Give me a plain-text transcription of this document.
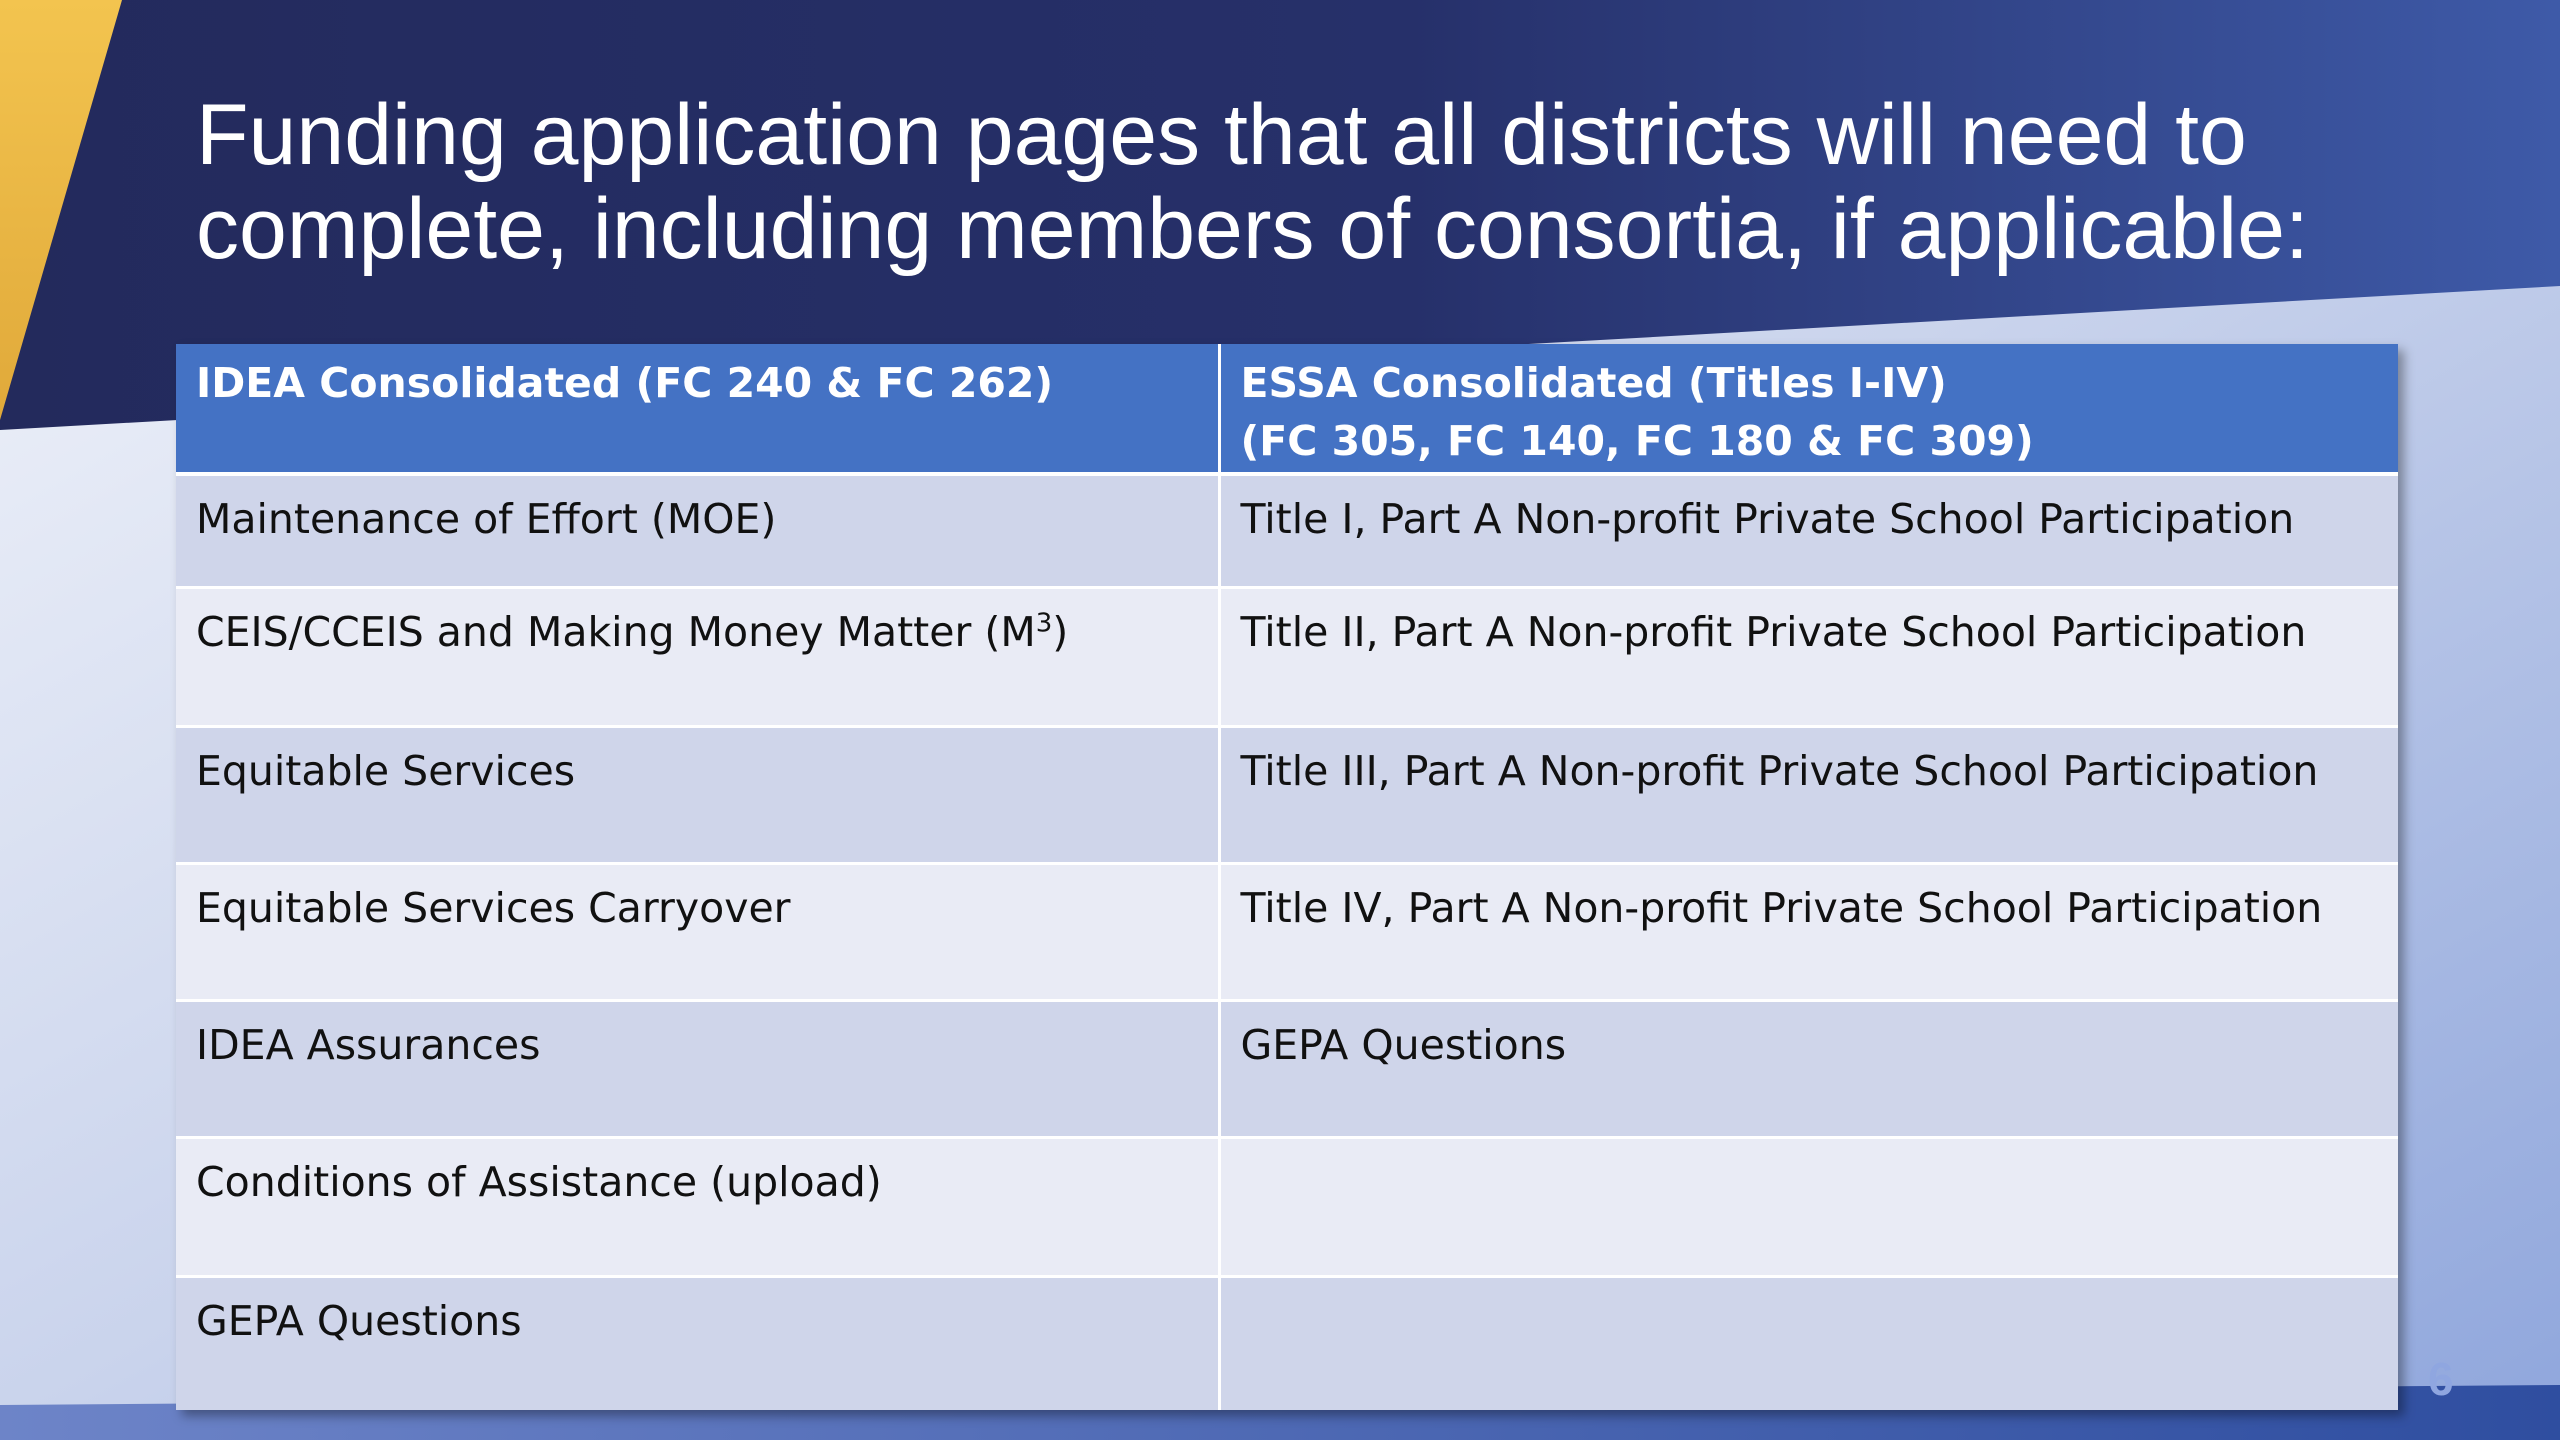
Funding application pages that all districts will need to
complete, including members of consortia, if applicable:
IDEA Consolidated (FC 240 & FC 262)	ESSA Consolidated (Titles I-IV)
(FC 305, FC 140, FC 180 & FC 309)

Maintenance of Effort (MOE)	Title I, Part A Non-profit Private School Participation
CEIS/CCEIS and Making Money Matter $(M^3)$	Title II, Part A Non-profit Private School Participation
Equitable Services	Title III, Part A Non-profit Private School Participation
Equitable Services Carryover	Title IV, Part A Non-profit Private School Participation
IDEA Assurances	GEPA Questions
Conditions of Assistance (upload)	
GEPA Questions	
6
